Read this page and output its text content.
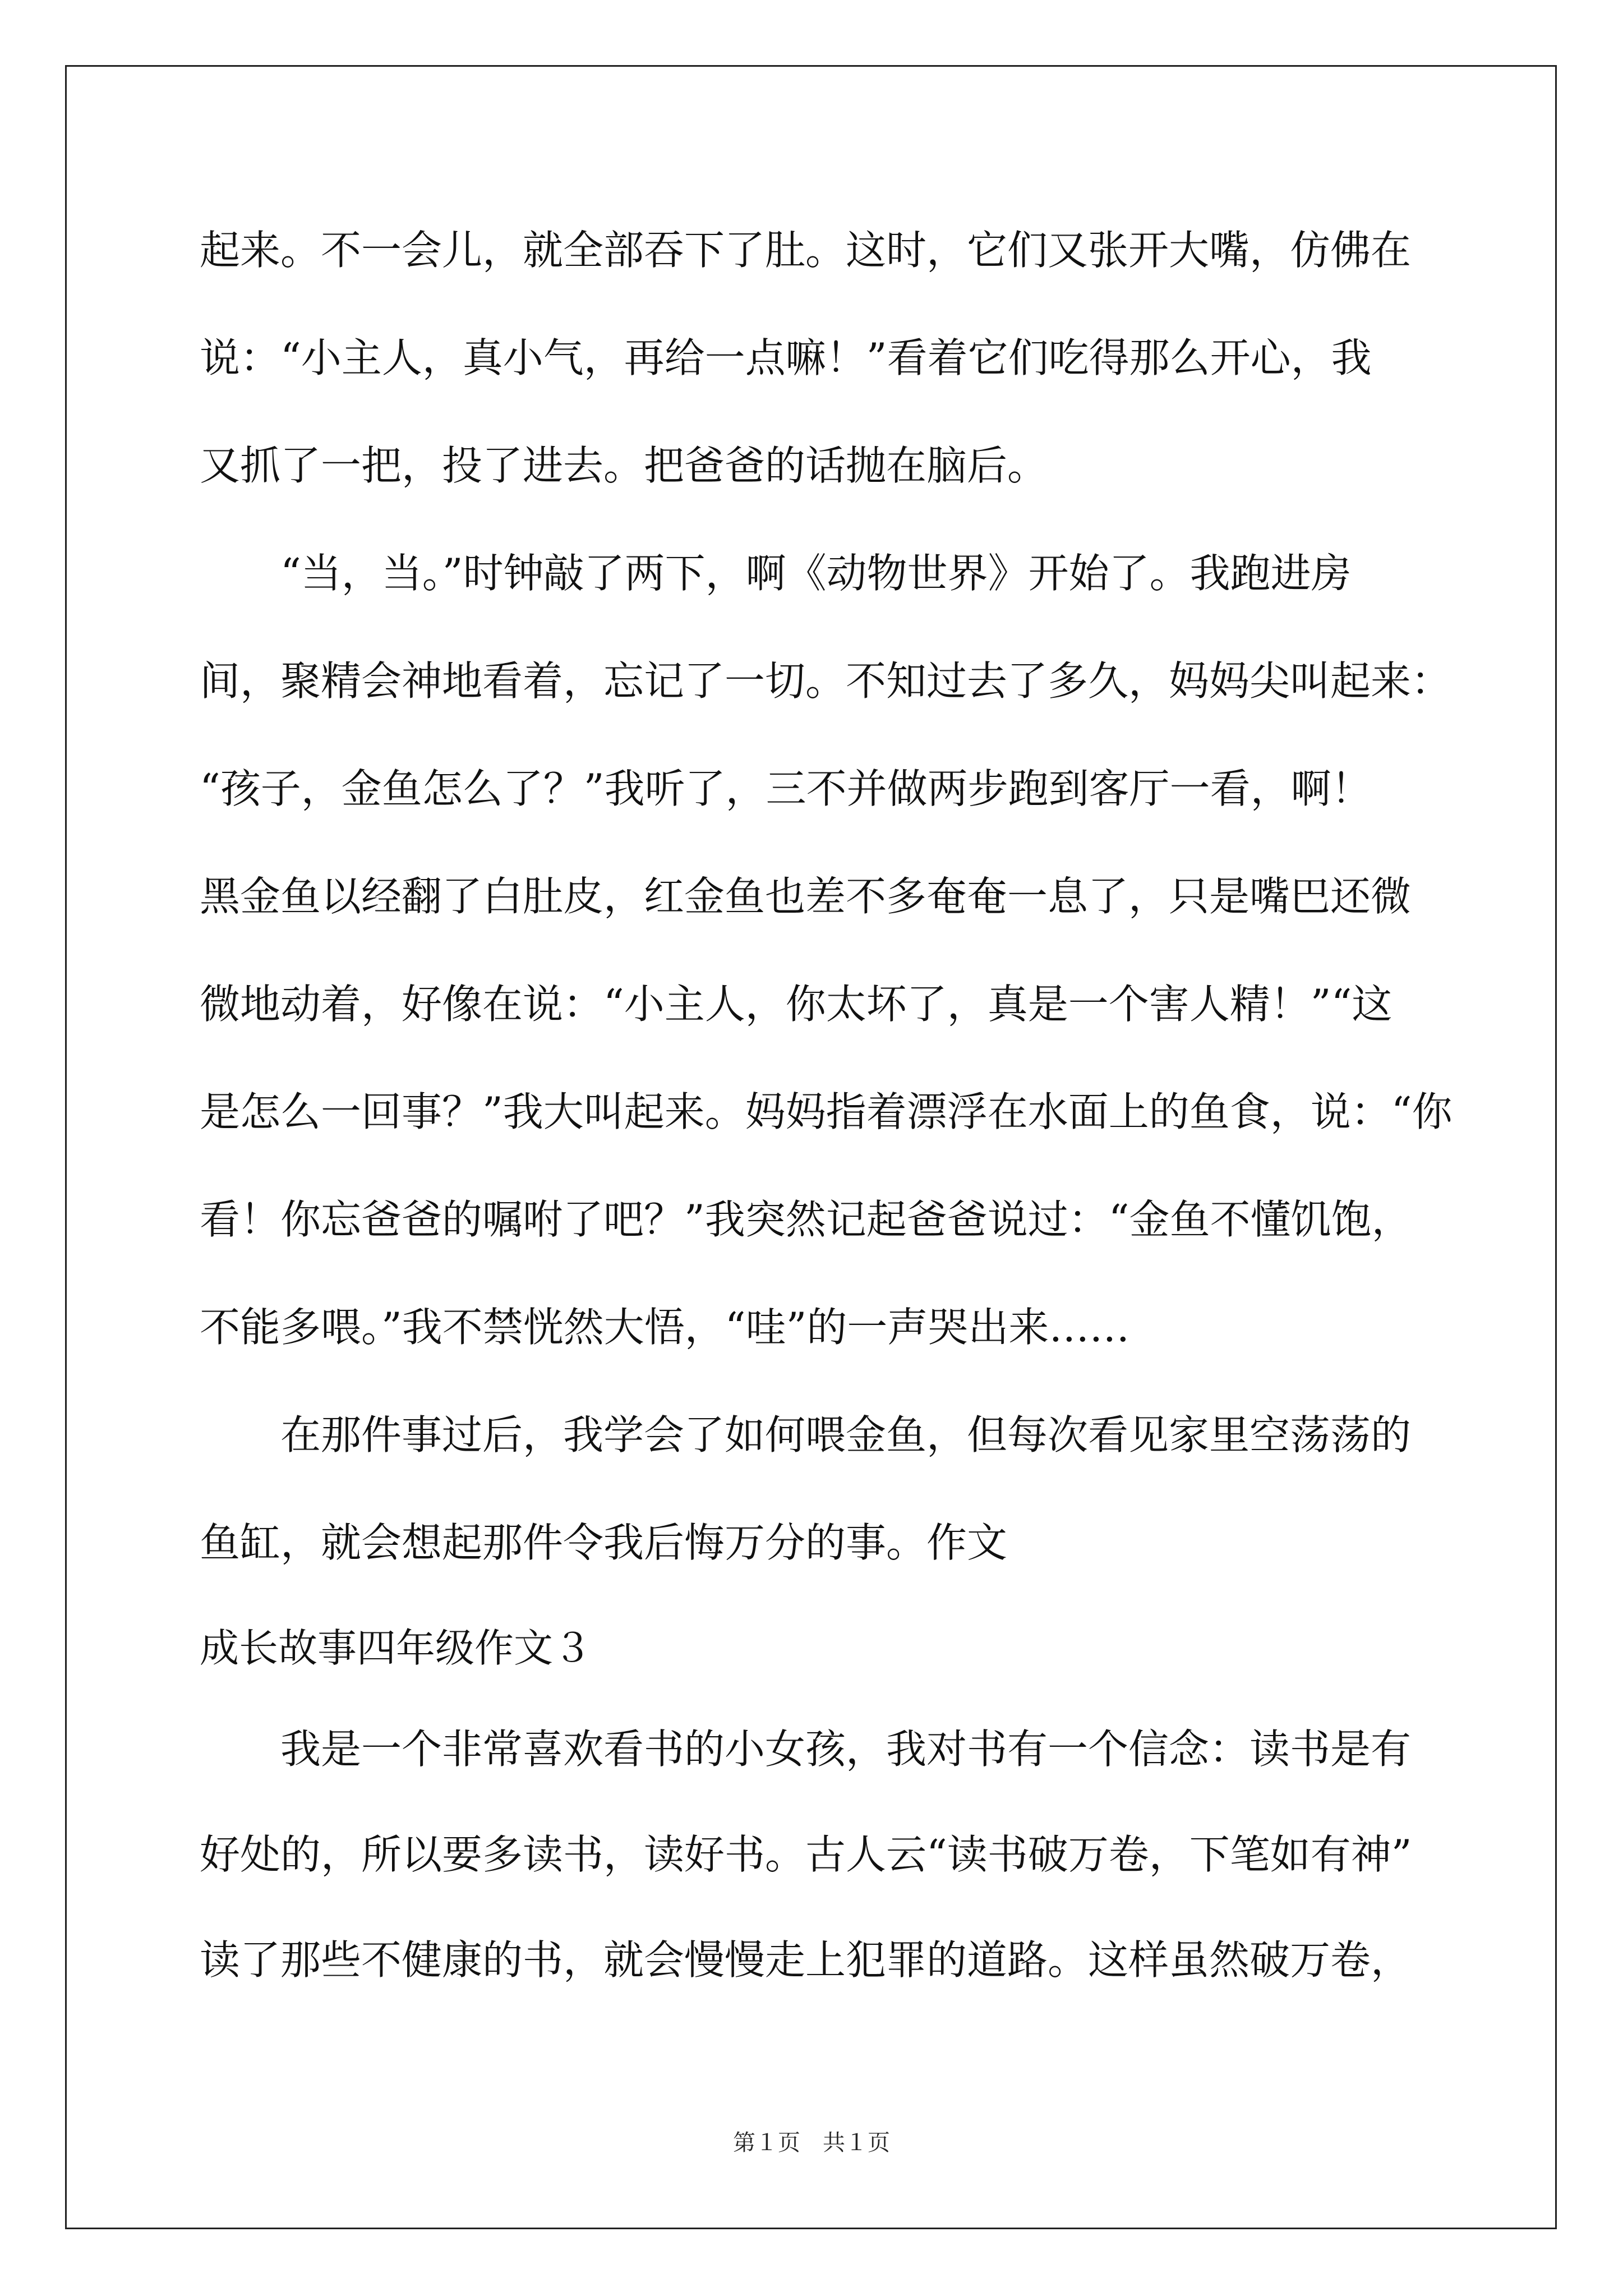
起来。不一会儿，就全部吞下了肚。这时，它们又张开大嘴，仿佛在
说：“小主人，真小气，再给一点嘛！”看着它们吃得那么开心，我
又抓了一把，投了进去。把爸爸的话抛在脑后。
“当，当。”时钟敲了两下，啊《动物世界》开始了。我跑进房
间，聚精会神地看着，忘记了一切。不知过去了多久，妈妈尖叫起来：
“孩子，金鱼怎么了？”我听了，三不并做两步跑到客厅一看，啊！
黑金鱼以经翻了白肚皮，红金鱼也差不多奄奄一息了，只是嘴巴还微
微地动着，好像在说：“小主人，你太坏了，真是一个害人精！”“这
是怎么一回事？”我大叫起来。妈妈指着漂浮在水面上的鱼食，说：“你
看！你忘爸爸的嘱咐了吧？”我突然记起爸爸说过：“金鱼不懂饥饱，
不能多喂。”我不禁恍然大悟，“哇”的一声哭出来……
在那件事过后，我学会了如何喂金鱼，但每次看见家里空荡荡的
鱼缸，就会想起那件令我后悔万分的事。作文
成长故事四年级作文３
我是一个非常喜欢看书的小女孩，我对书有一个信念：读书是有
好处的，所以要多读书，读好书。古人云“读书破万卷，下笔如有神”
读了那些不健康的书，就会慢慢走上犯罪的道路。这样虽然破万卷，
第１页　共１页
